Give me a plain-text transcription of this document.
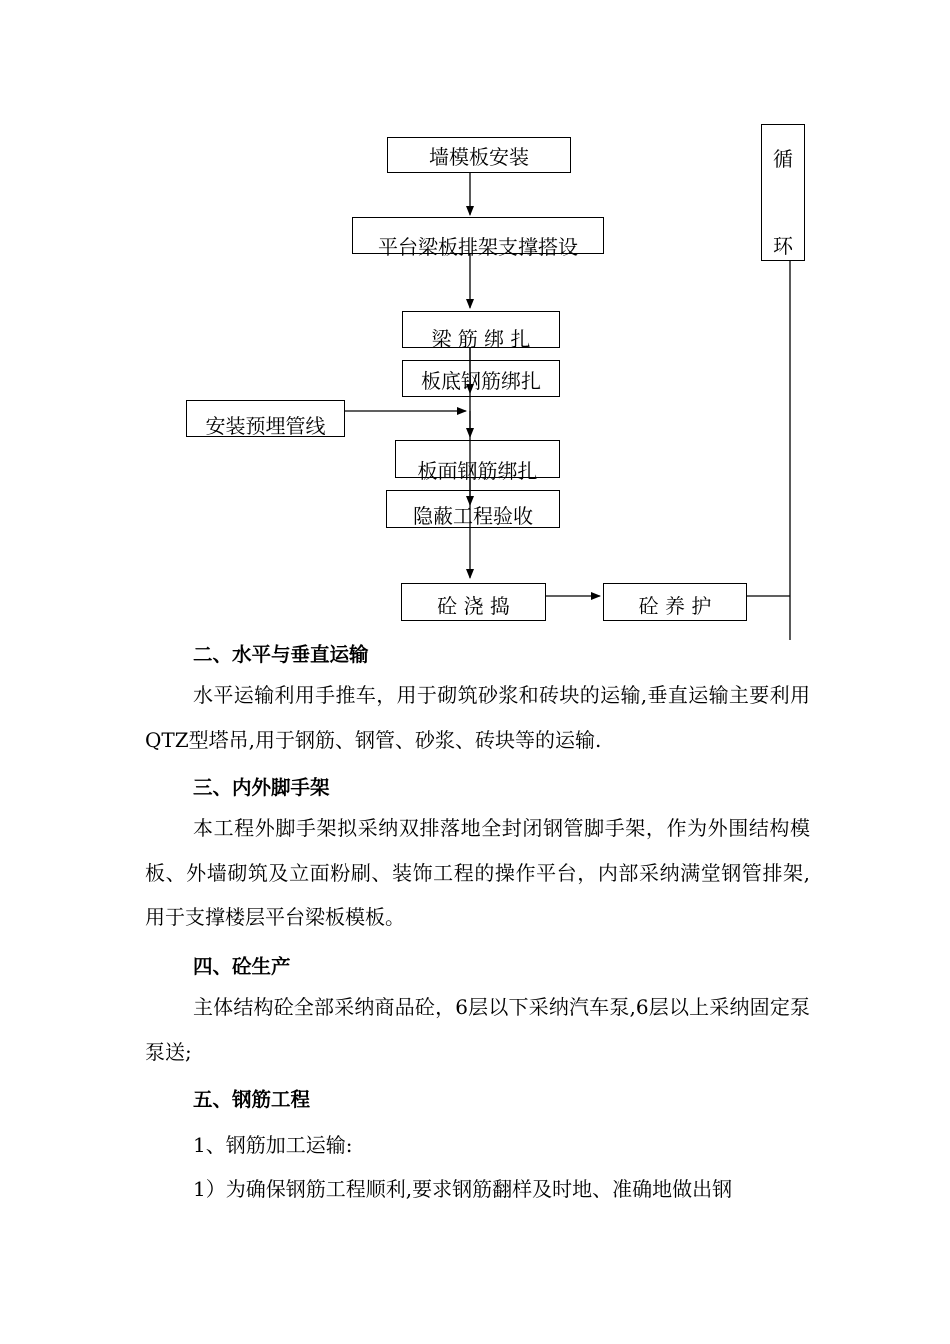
墙模板安装
平台梁板排架支撑搭设
梁 筋 绑 扎
板底钢筋绑扎
安装预埋管线
板面钢筋绑扎
隐蔽工程验收
砼 浇 捣	砼 养 护
循
环
二、水平与垂直运输

水平运输利用手推车，用于砌筑砂浆和砖块的运输,垂直运输主要利用QTZ型塔吊,用于钢筋、钢管、砂浆、砖块等的运输.

三、内外脚手架

本工程外脚手架拟采纳双排落地全封闭钢管脚手架，作为外围结构模板、外墙砌筑及立面粉刷、装饰工程的操作平台，内部采纳满堂钢管排架,用于支撑楼层平台梁板模板。

四、砼生产

主体结构砼全部采纳商品砼，6层以下采纳汽车泵,6层以上采纳固定泵泵送;

五、钢筋工程

1、钢筋加工运输:

1）为确保钢筋工程顺利,要求钢筋翻样及时地、准确地做出钢
